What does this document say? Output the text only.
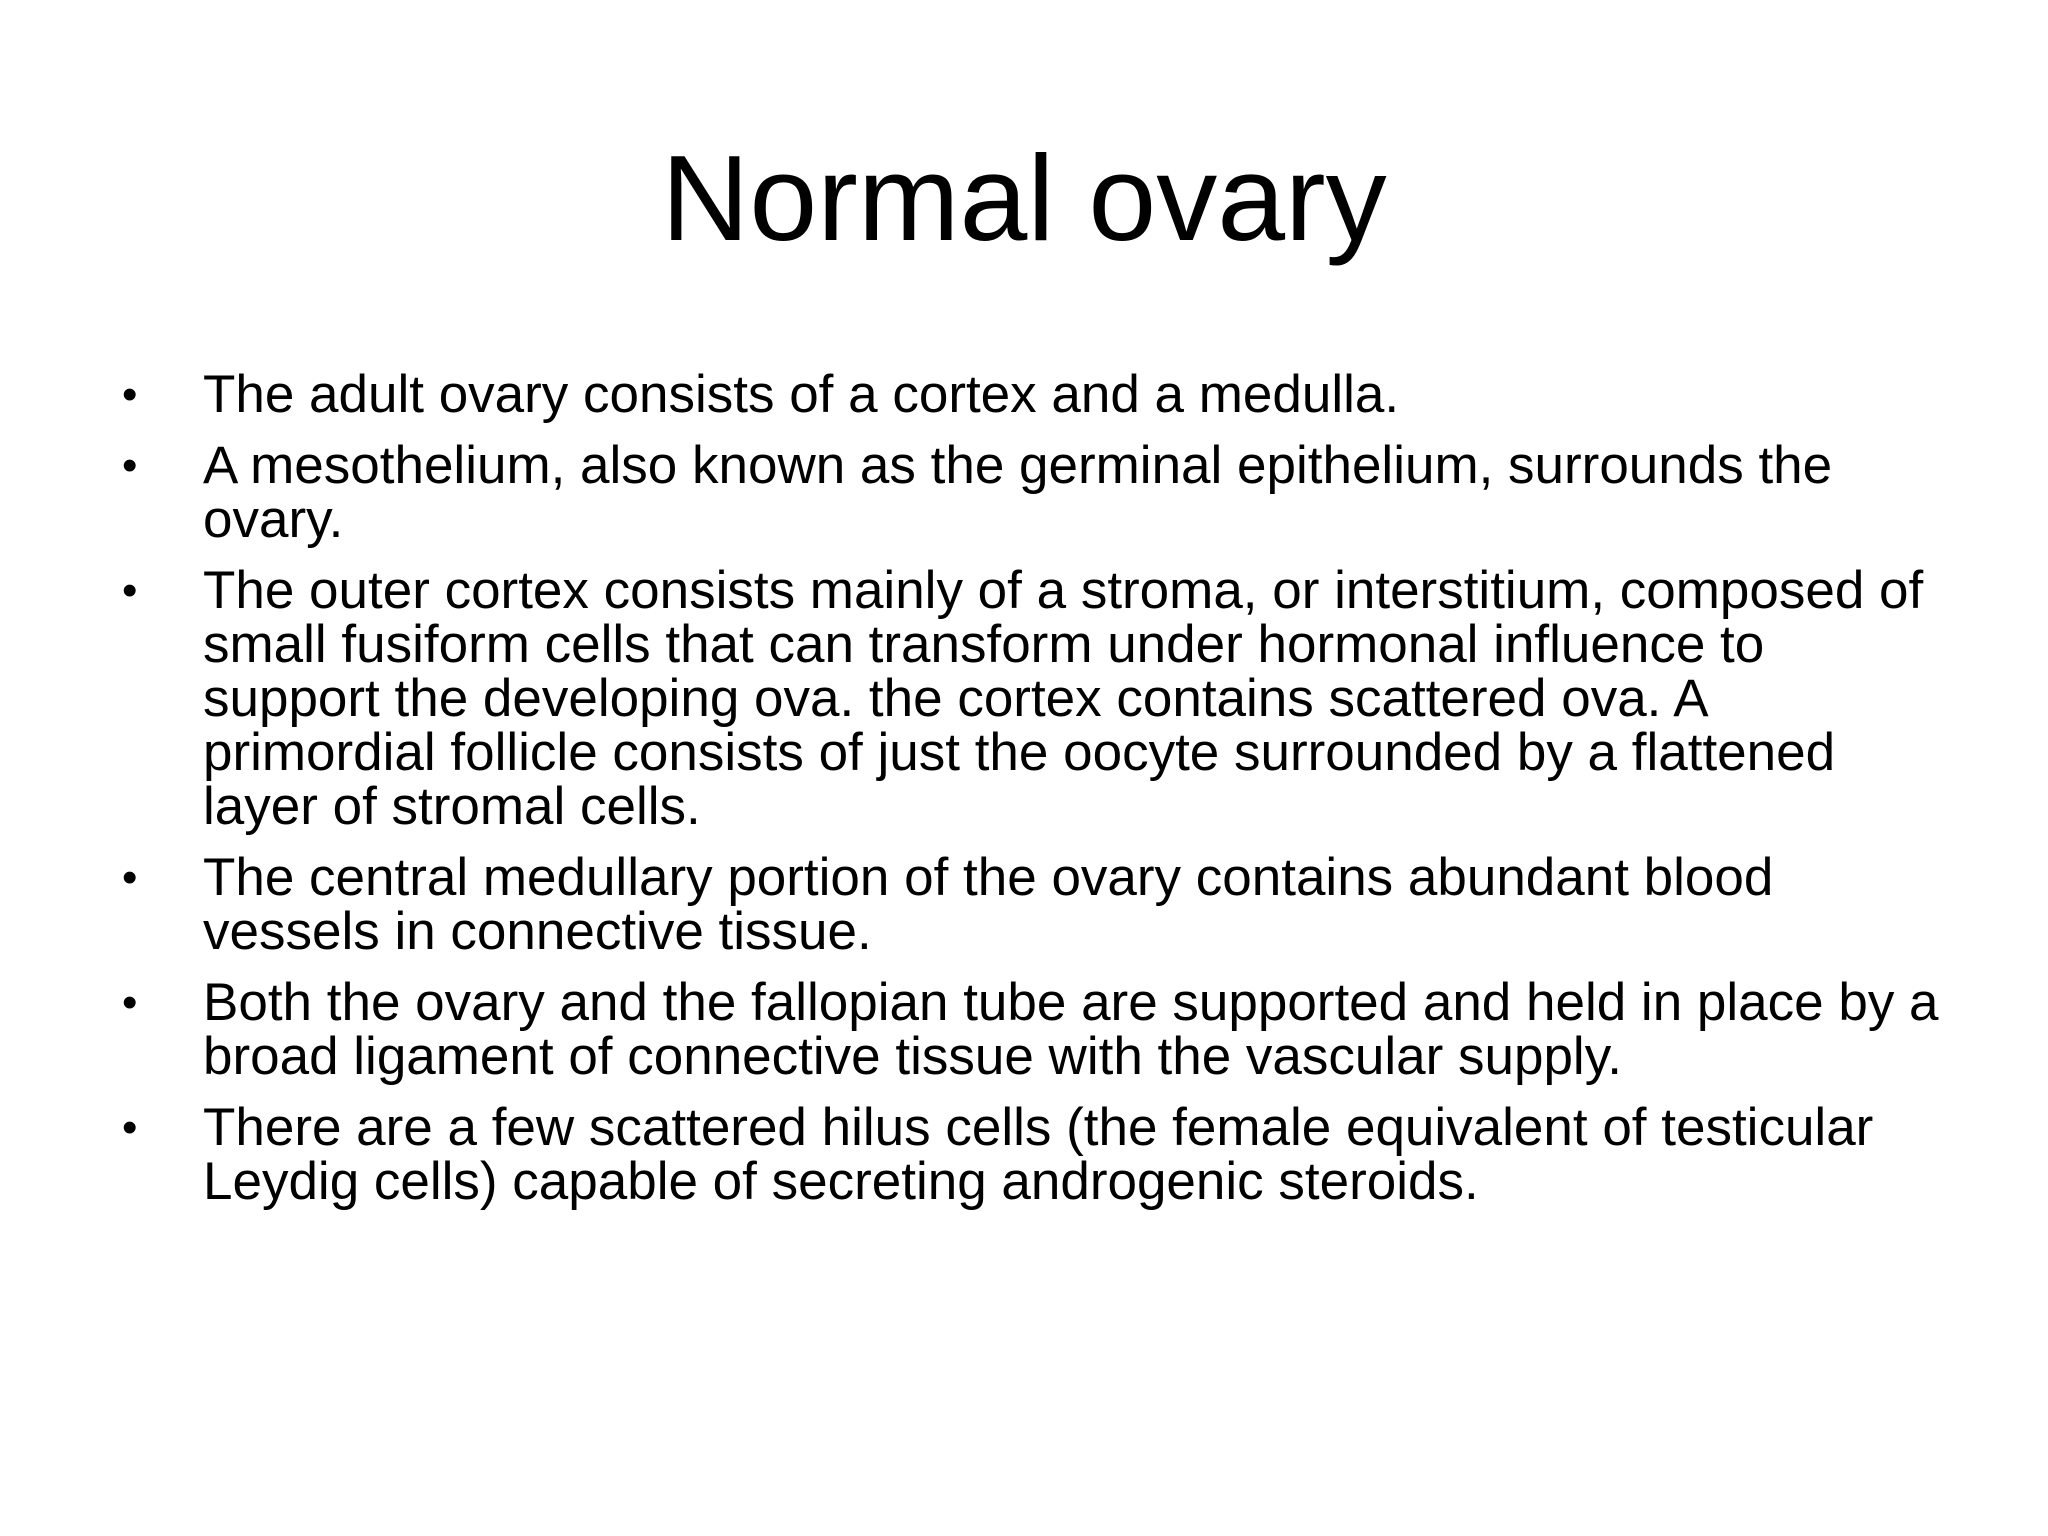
Normal ovary
•	The adult ovary consists of a cortex and a medulla.
•	A mesothelium, also known as the germinal epithelium, surrounds the ovary.
•	The outer cortex consists mainly of a stroma, or interstitium, composed of small fusiform cells that can transform under hormonal influence to support the developing ova. the cortex contains scattered ova. A primordial follicle consists of just the oocyte surrounded by a flattened layer of stromal cells.
•	The central medullary portion of the ovary contains abundant blood vessels in connective tissue.
•	Both the ovary and the fallopian tube are supported and held in place by a broad ligament of connective tissue with the vascular supply.
•	There are a few scattered hilus cells (the female equivalent of testicular Leydig cells) capable of secreting androgenic steroids.
